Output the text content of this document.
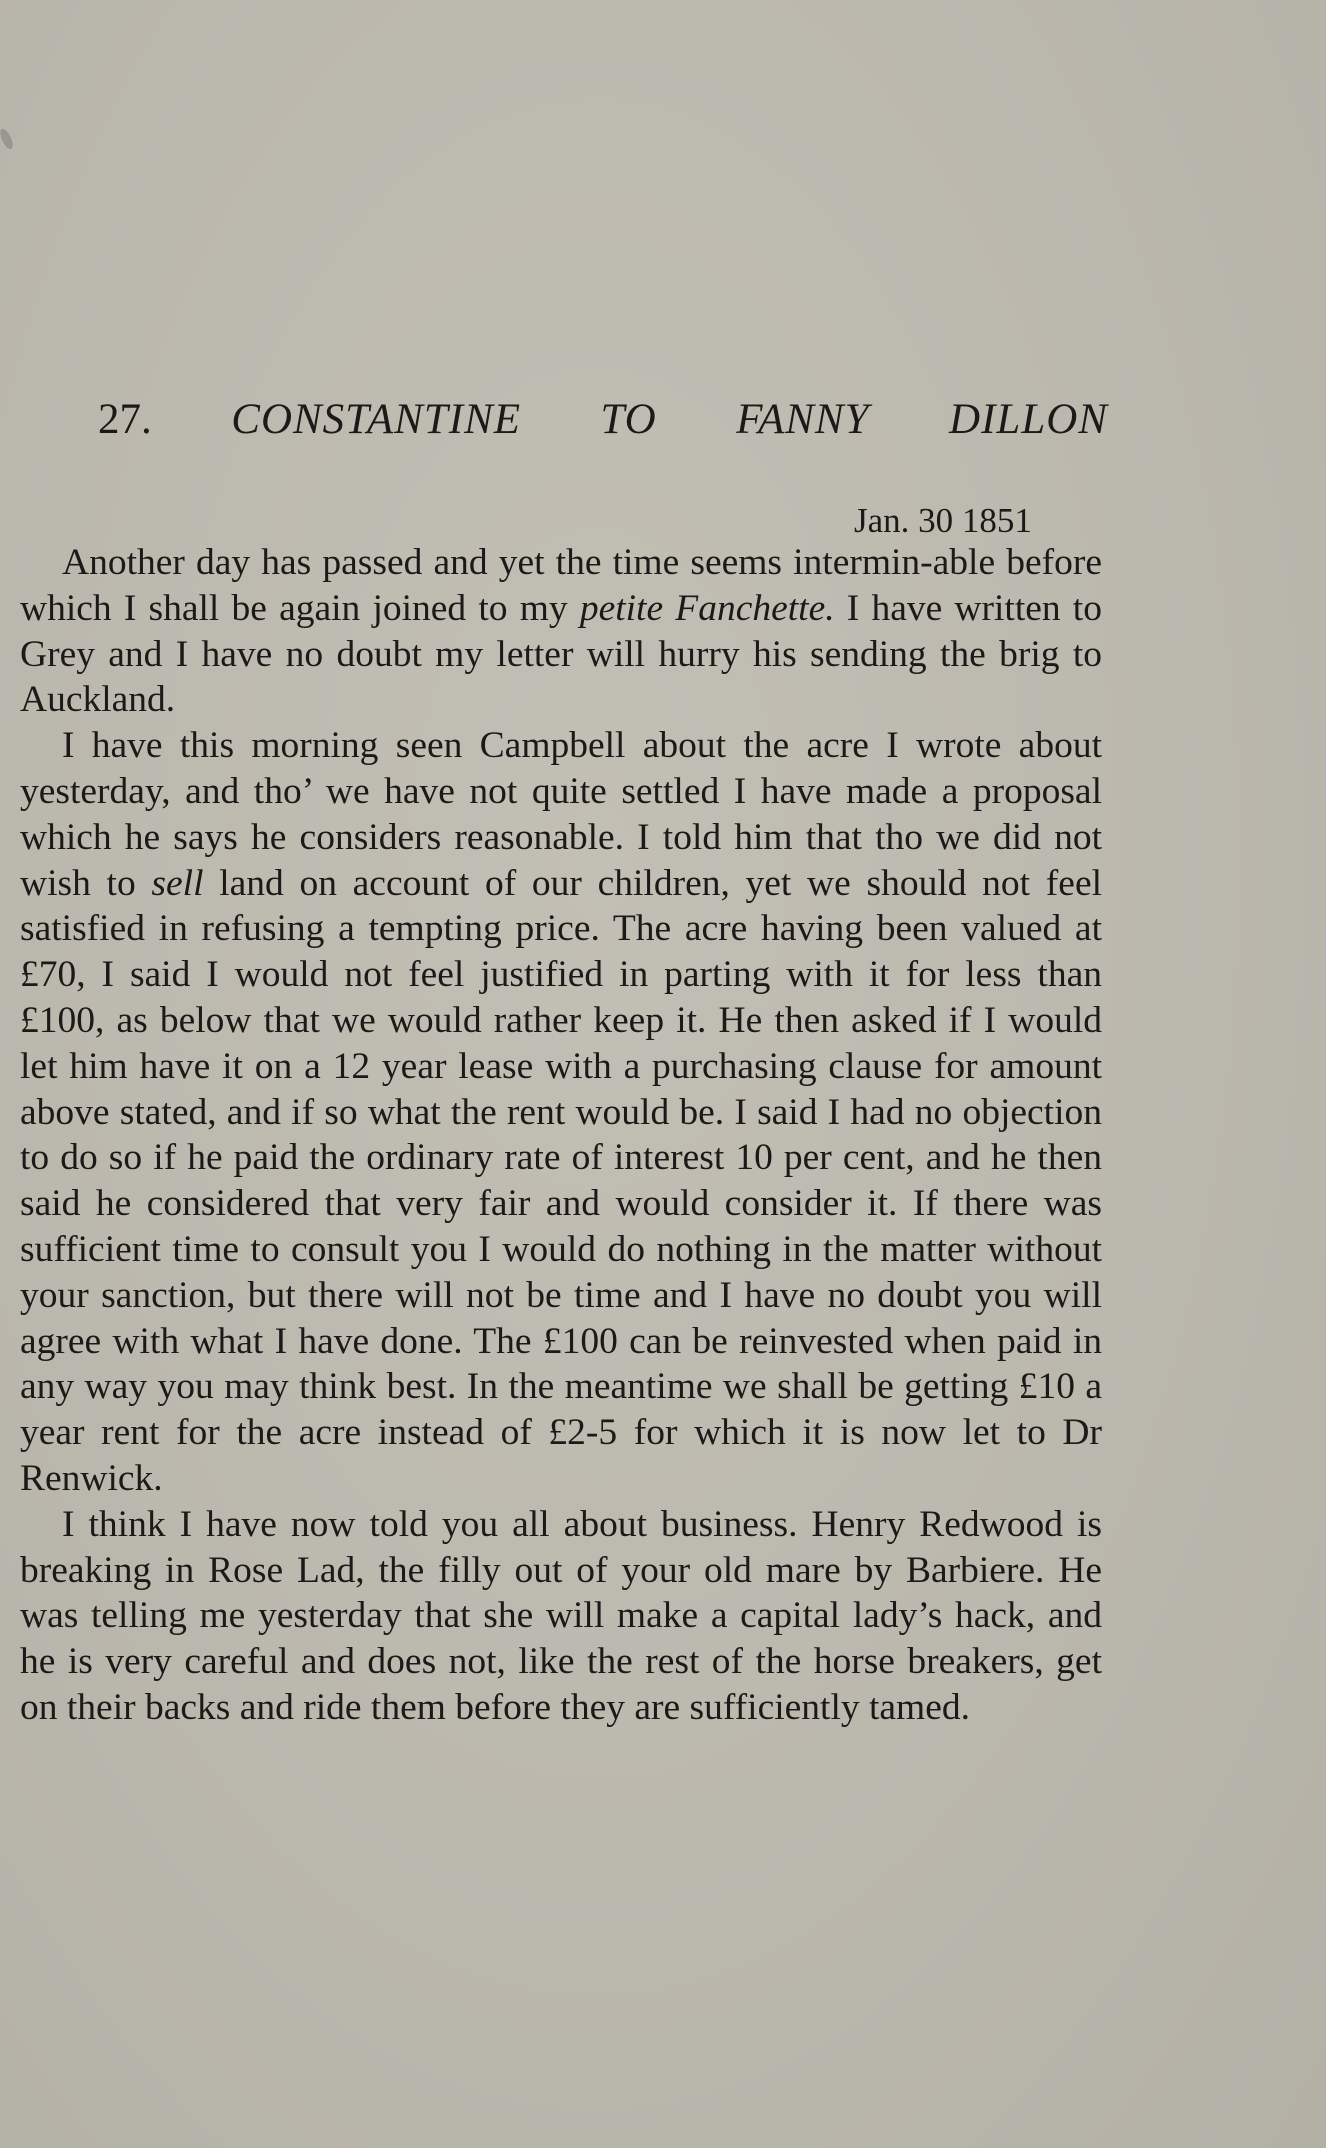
27. CONSTANTINE TO FANNY DILLON
Jan. 30 1851

Another day has passed and yet the time seems intermin-able before which I shall be again joined to my petite Fanchette. I have written to Grey and I have no doubt my letter will hurry his sending the brig to Auckland.

I have this morning seen Campbell about the acre I wrote about yesterday, and tho’ we have not quite settled I have made a proposal which he says he considers reasonable. I told him that tho we did not wish to sell land on account of our children, yet we should not feel satisfied in refusing a tempting price. The acre having been valued at £70, I said I would not feel justified in parting with it for less than £100, as below that we would rather keep it. He then asked if I would let him have it on a 12 year lease with a purchasing clause for amount above stated, and if so what the rent would be. I said I had no objection to do so if he paid the ordinary rate of interest 10 per cent, and he then said he considered that very fair and would consider it. If there was sufficient time to consult you I would do nothing in the matter without your sanction, but there will not be time and I have no doubt you will agree with what I have done. The £100 can be reinvested when paid in any way you may think best. In the meantime we shall be getting £10 a year rent for the acre instead of £2-5 for which it is now let to Dr Renwick.

I think I have now told you all about business. Henry Redwood is breaking in Rose Lad, the filly out of your old mare by Barbiere. He was telling me yesterday that she will make a capital lady’s hack, and he is very careful and does not, like the rest of the horse breakers, get on their backs and ride them before they are sufficiently tamed.
